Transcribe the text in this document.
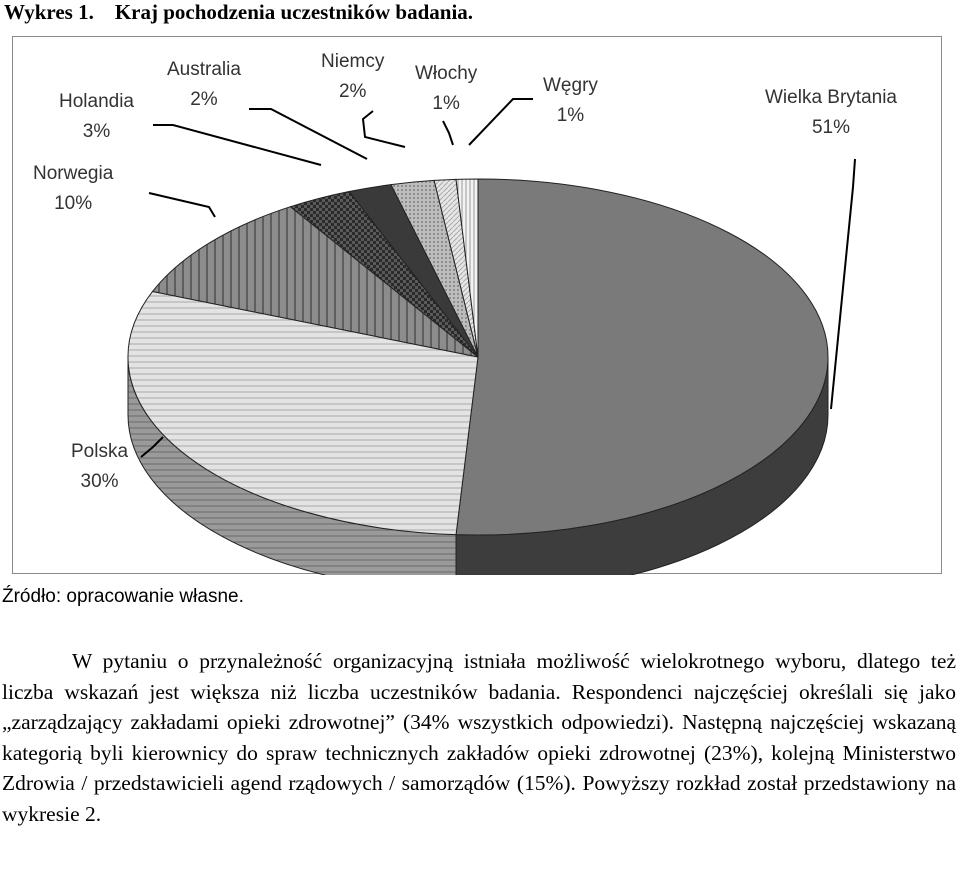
Wykres 1. Kraj pochodzenia uczestników badania.
Wielka Brytania
51%
Polska
30%
Norwegia
10%
Holandia
3%
Australia
2%
Niemcy
2%
Włochy
1%
Węgry
1%
Źródło: opracowanie własne.

W pytaniu o przynależność organizacyjną istniała możliwość wielokrotnego wyboru, dlatego też liczba wskazań jest większa niż liczba uczestników badania. Respondenci najczęściej określali się jako „zarządzający zakładami opieki zdrowotnej” (34% wszystkich odpowiedzi). Następną najczęściej wskazaną kategorią byli kierownicy do spraw technicznych zakładów opieki zdrowotnej (23%), kolejną Ministerstwo Zdrowia / przedstawicieli agend rządowych / samorządów (15%). Powyższy rozkład został przedstawiony na wykresie 2.
